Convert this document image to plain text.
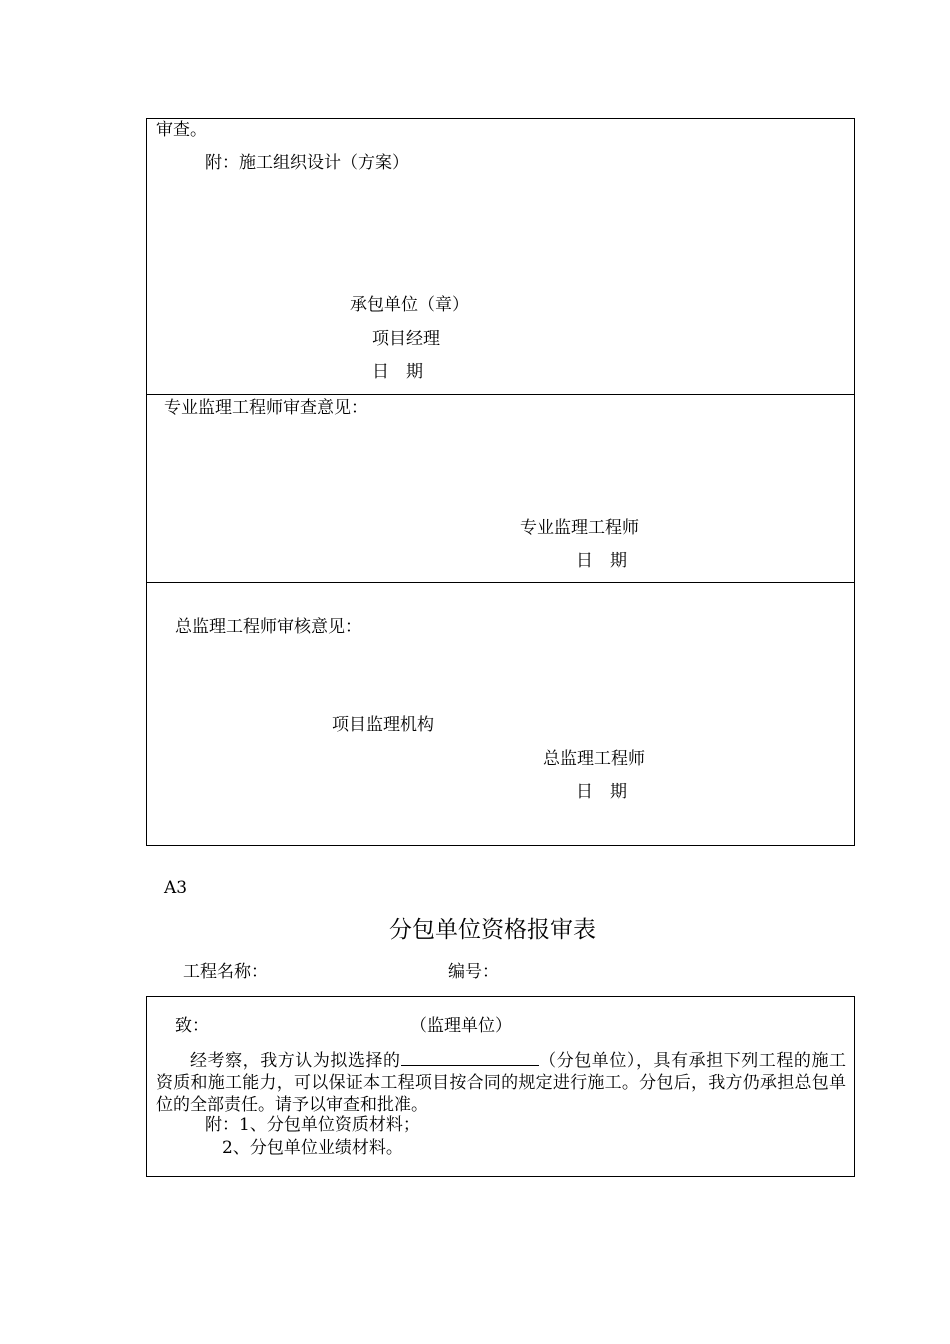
审查。
附：施工组织设计（方案）
承包单位（章）
项目经理
日　期
专业监理工程师审查意见：
专业监理工程师
日　期
总监理工程师审核意见：
项目监理机构
总监理工程师
日　期
A3
分包单位资格报审表
工程名称：	编号：
致：	（监理单位）
经考察，我方认为拟选择的	（分包单位），具有承担下列工程的施工资质和施工能力，可以保证本工程项目按合同的规定进行施工。分包后，我方仍承担总包单位的全部责任。请予以审查和批准。
附：1、分包单位资质材料；
2、分包单位业绩材料。
